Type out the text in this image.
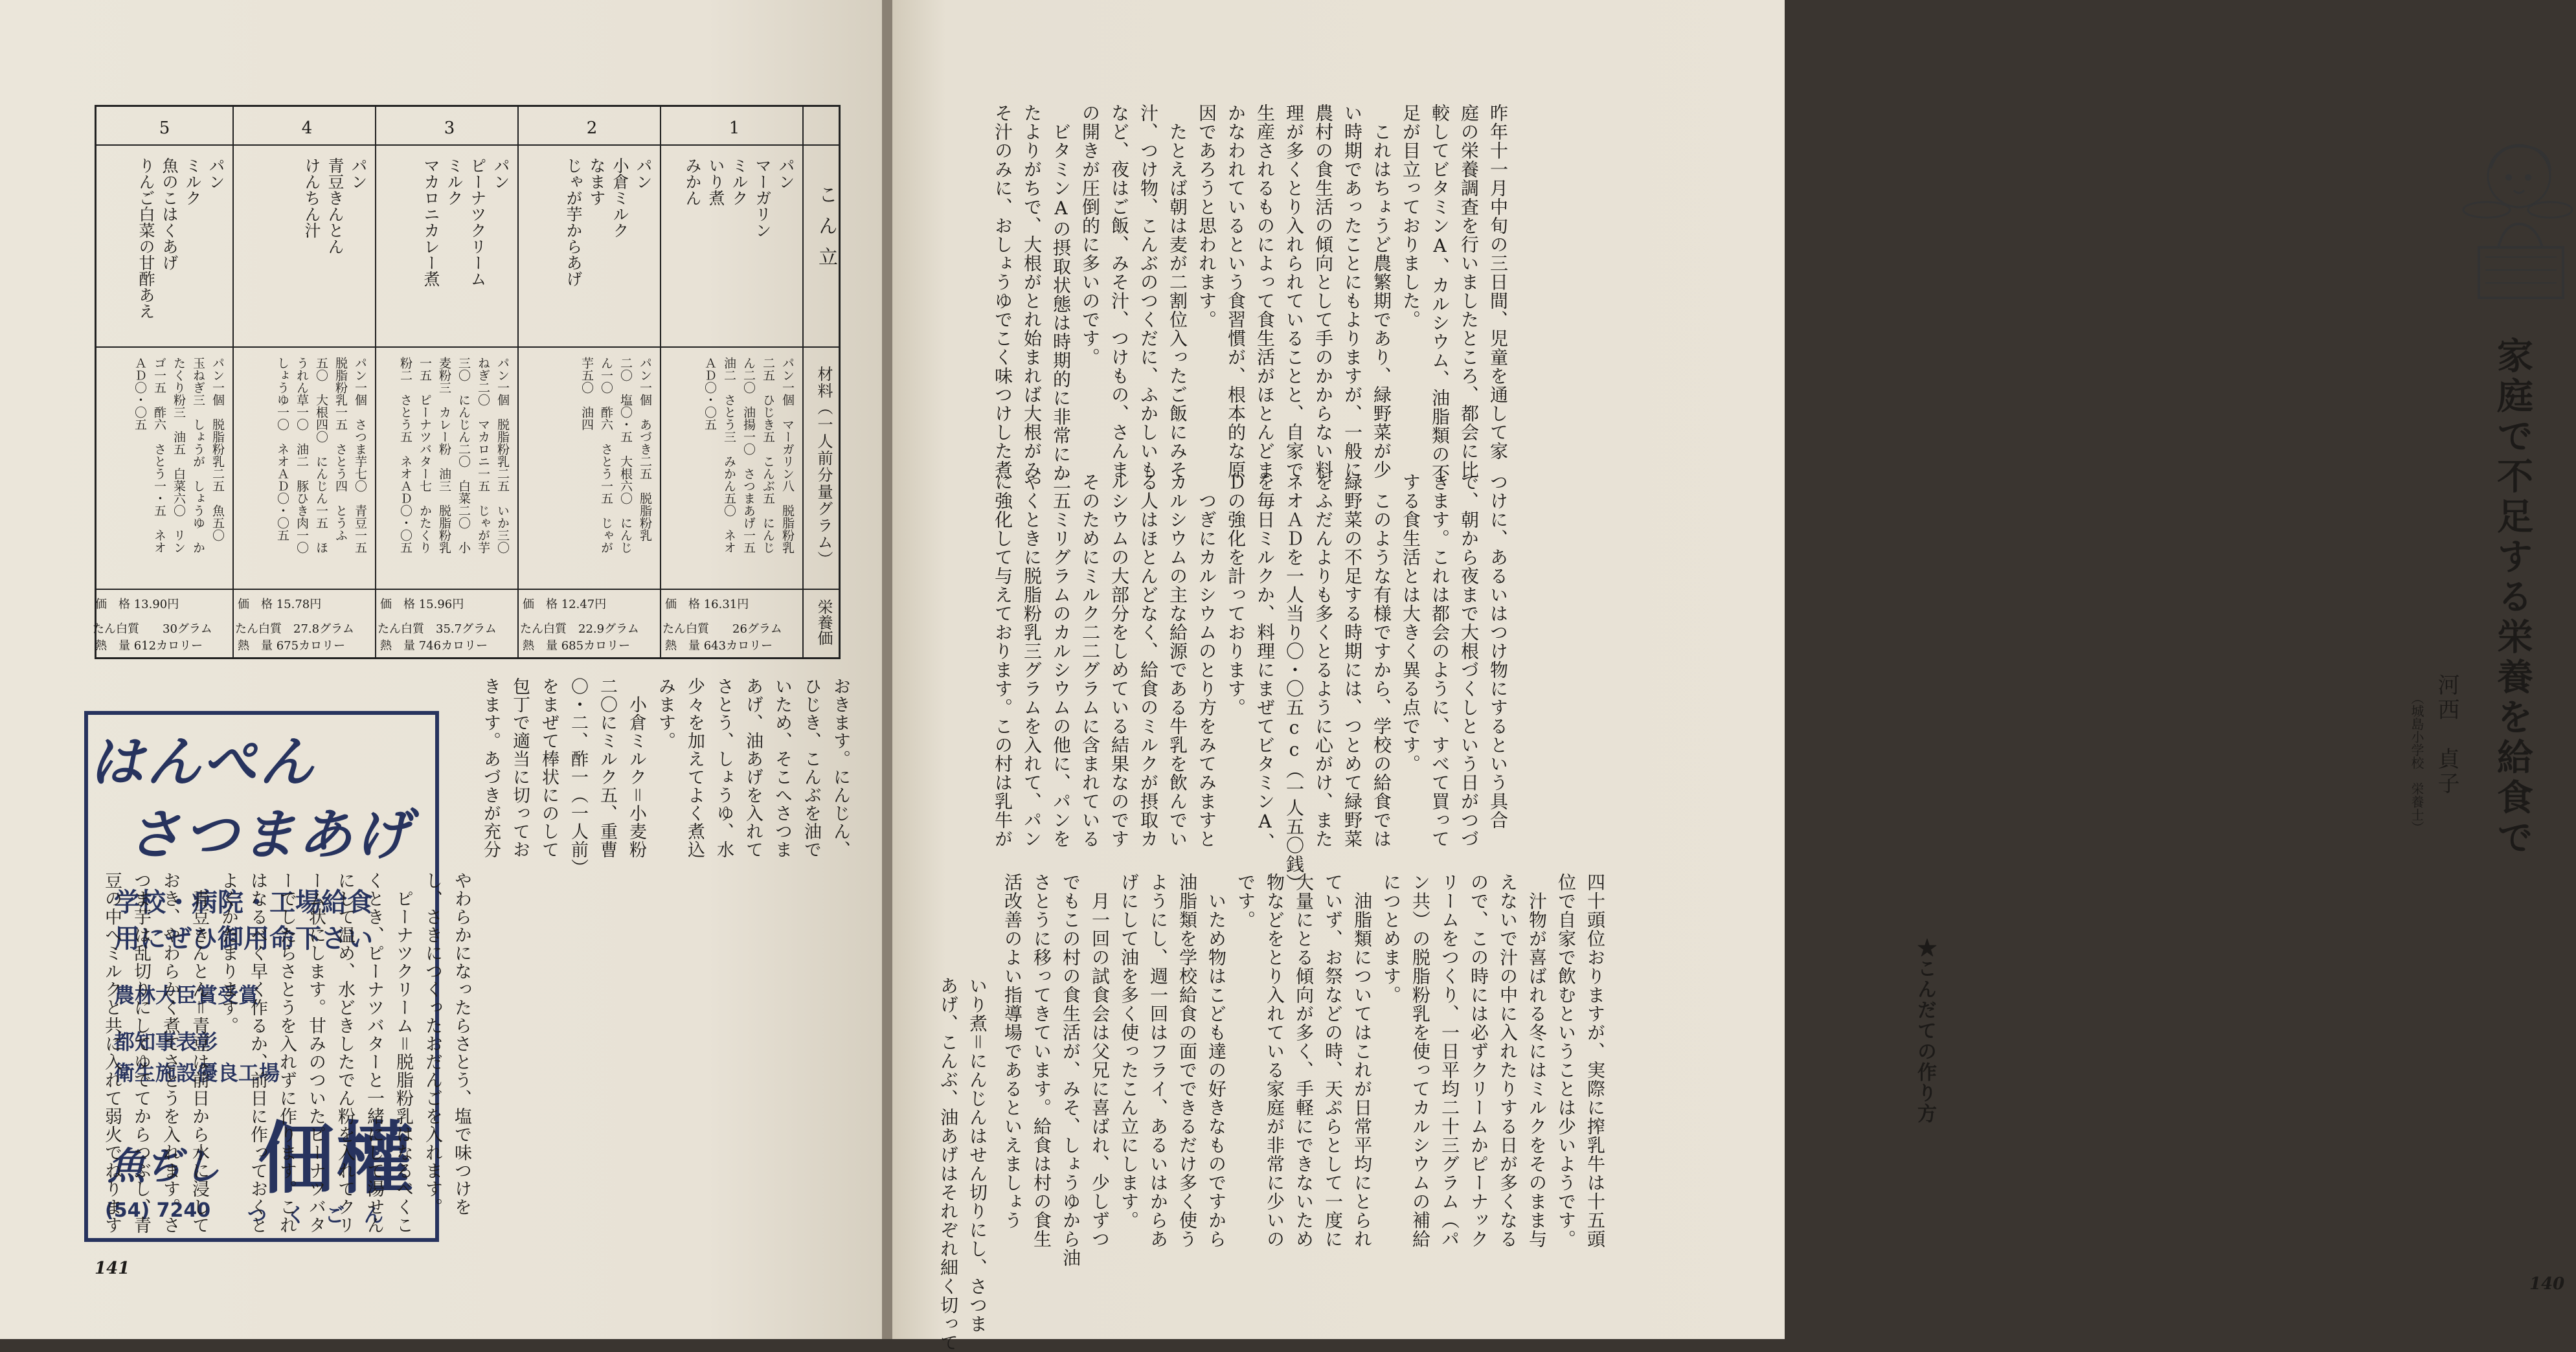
家庭で不足する栄養を給食で
河西　貞子
（城島小学校　栄養士）
★こんだての作り方
140
昨年十一月中旬の三日間、児童を通して家
庭の栄養調査を行いましたところ、都会に比
較してビタミンA、カルシウム、油脂類の不
足が目立っておりました。
　これはちょうど農繁期であり、緑野菜が少
い時期であったことにもよりますが、一般に
農村の食生活の傾向として手のかからない料
理が多くとり入れられていることと、自家で
生産されるものによって食生活がほとんどま
かなわれているという食習慣が、根本的な原
因であろうと思われます。
　たとえば朝は麦が二割位入ったご飯にみそ
汁、つけ物、こんぶのつくだに、ふかしいも
など、夜はご飯、みそ汁、つけもの、さんま
の開きが圧倒的に多いのです。
　ビタミンAの摂取状態は時期的に非常にか
たよりがちで、大根がとれ始まれば大根がみ
そ汁のみに、おしょうゆでこく味つけした煮
つけに、あるいはつけ物にするという具合
で、朝から夜まで大根づくしという日がつづ
きます。これは都会のように、すべて買って
する食生活とは大きく異る点です。
　このような有様ですから、学校の給食では
緑野菜の不足する時期には、つとめて緑野菜
をふだんよりも多くとるように心がけ、また
ネオＡＤを一人当り〇・〇五cc（一人五〇銭）
を毎日ミルクか、料理にまぜてビタミンA、
Ｄの強化を計っております。
　つぎにカルシウムのとり方をみてみますと
カルシウムの主な給源である牛乳を飲んでい
る人はほとんどなく、給食のミルクが摂取カ
ルシウムの大部分をしめている結果なのです
そのためにミルク二二グラムに含まれている
二五ミリグラムのカルシウムの他に、パンを
やくときに脱脂粉乳三グラムを入れて、パン
に強化して与えております。この村は乳牛が
四十頭位おりますが、実際に搾乳牛は十五頭
位で自家で飲むということは少いようです。
　汁物が喜ばれる冬にはミルクをそのまま与
えないで汁の中に入れたりする日が多くなる
ので、この時には必ずクリームかピーナック
リームをつくり、一日平均二十三グラム（パ
ン共）の脱脂粉乳を使ってカルシウムの補給
につとめます。
　油脂類についてはこれが日常平均にとられ
ていず、お祭などの時、天ぷらとして一度に
大量にとる傾向が多く、手軽にできないため
物などをとり入れている家庭が非常に少いの
です。
　いため物はこども達の好きなものですから
油脂類を学校給食の面でできるだけ多く使う
ようにし、週一回はフライ、あるいはからあ
げにして油を多く使ったこん立にします。
　月一回の試食会は父兄に喜ばれ、少しずつ
でもこの村の食生活が、みそ、しょうゆから油
さとうに移ってきています。給食は村の食生
活改善のよい指導場であるといえましょう
いり煮＝にんじんはせん切りにし、さつま
あげ、こんぶ、油あげはそれぞれ細く切って
こん立
材料（一人前分量グラム）
栄養価
1
パン
マーガリン
ミルク
いり煮
みかん
パン一個　マーガリン八　脱脂粉乳
二五　ひじき五　こんぶ五　にんじ
ん二〇　油揚一〇　さつまあげ一五
油二　さとう三　みかん五〇　ネオ
ＡＤ〇・〇五
価　格 16.31円
たん白質　　26グラム
熱　量 643カロリー
2
パン
小倉ミルク
なます
じゃが芋からあげ
パン一個　あづき二五　脱脂粉乳
二〇　塩〇・五　大根六〇　にんじ
ん一〇　酢六　さとう一五　じゃが
芋五〇　油四
価　格 12.47円
たん白質　22.9グラム
熱　量 685カロリー
3
パン
ピーナツクリーム
ミルク
マカロニカレー煮
パン一個　脱脂粉乳二五　いか三〇
ねぎ二〇　マカロニ一五　じゃが芋
三〇　にんじん二〇　白菜二〇　小
麦粉三　カレー粉　油三　脱脂粉乳
一五　ピーナツバター七　かたくり
粉二　さとう五　ネオＡＤ〇・〇五
価　格 15.96円
たん白質　35.7グラム
熱　量 746カロリー
4
パン
青豆きんとん
けんちん汁
パン一個　さつま芋七〇　青豆一五
脱脂粉乳一五　さとう四　とうふ
五〇　大根四〇　にんじん一五　ほ
うれん草一〇　油二　豚ひき肉一〇
しょうゆ一〇　ネオＡＤ〇・〇五
価　格 15.78円
たん白質　27.8グラム
熱　量 675カロリー
5
パン
ミルク
魚のこはくあげ
りんご白菜の甘酢あえ
パン一個　脱脂粉乳二五　魚五〇
玉ねぎ三　しょうが　しょうゆ　か
たくり粉三　油五　白菜六〇　リン
ゴ一五　酢六　さとう一・五　ネオ
ＡＤ〇・〇五
価　格 13.90円
たん白質　　30グラム
熱　量 612カロリー
はんぺん
さつまあげ
学校・病院・工場給食
用にぜひ御用命下さい
農林大臣賞受賞
都知事表彰
衛生施設優良工場
魚ぢし 佃權
(54) 7240 つ　く　ご　ん
141
おきます。にんじん、
ひじき、こんぶを油で
いため、そこへさつま
あげ、油あげを入れて
さとう、しょうゆ、水
少々を加えてよく煮込
みます。
　小倉ミルク＝小麦粉
二〇にミルク五、重曹
〇・二、酢一（一人前）
をまぜて棒状にのして
包丁で適当に切ってお
きます。あづきが充分
やわらかになったらさとう、塩で味つけを
し、さきにつくったおだんごを入れます。
　ピーナツクリーム＝脱脂粉乳はなるべくこ
くとき、ピーナツバターと一緒にして湯せん
にして温め、水どきしたでん粉を入れてクリ
ーム状にします。甘みのついたピーナツバタ
ーでしたらさとうを入れずに作ります。これ
はなるべく早く作るか、前日に作っておくと
よくかたまります。
　青豆きんとん＝青豆は前日から水に浸して
おき、やわらかく煮てさとうを入れます。さ
つま芋は乱切りにしてゆでてからつぶし、青
豆の中へミルクと共に入れて弱火でねります
